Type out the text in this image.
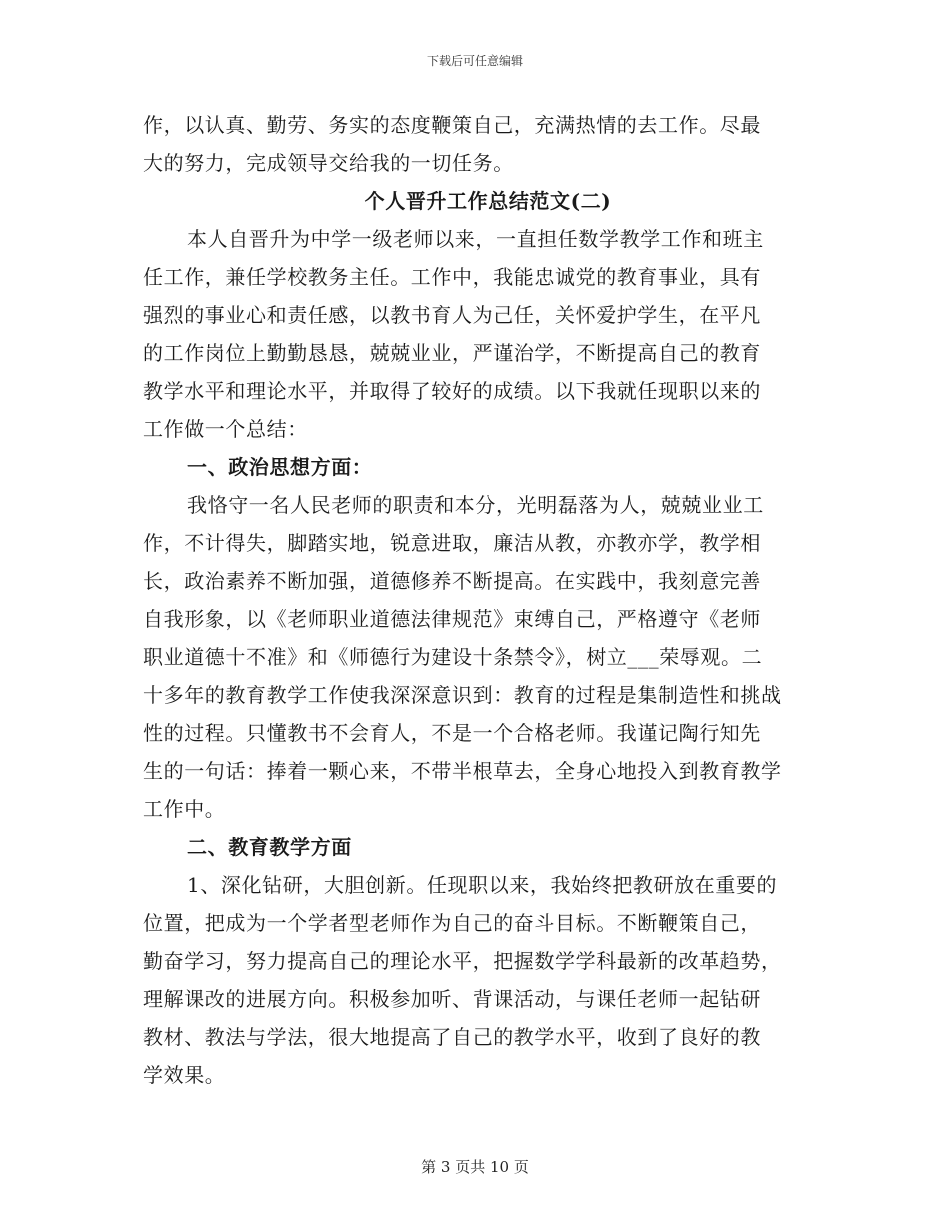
下载后可任意编辑
作，以认真、勤劳、务实的态度鞭策自己，充满热情的去工作。尽最
大的努力，完成领导交给我的一切任务。
个人晋升工作总结范文(二)
本人自晋升为中学一级老师以来，一直担任数学教学工作和班主
任工作，兼任学校教务主任。工作中，我能忠诚党的教育事业，具有
强烈的事业心和责任感，以教书育人为己任，关怀爱护学生，在平凡
的工作岗位上勤勤恳恳，兢兢业业，严谨治学，不断提高自己的教育
教学水平和理论水平，并取得了较好的成绩。以下我就任现职以来的
工作做一个总结：
一、政治思想方面：
我恪守一名人民老师的职责和本分，光明磊落为人，兢兢业业工
作，不计得失，脚踏实地，锐意进取，廉洁从教，亦教亦学，教学相
长，政治素养不断加强，道德修养不断提高。在实践中，我刻意完善
自我形象，以《老师职业道德法律规范》束缚自己，严格遵守《老师
职业道德十不准》和《师德行为建设十条禁令》，树立___荣辱观。二
十多年的教育教学工作使我深深意识到：教育的过程是集制造性和挑战
性的过程。只懂教书不会育人，不是一个合格老师。我谨记陶行知先
生的一句话：捧着一颗心来，不带半根草去，全身心地投入到教育教学
工作中。
二、教育教学方面
1、深化钻研，大胆创新。任现职以来，我始终把教研放在重要的
位置，把成为一个学者型老师作为自己的奋斗目标。不断鞭策自己，
勤奋学习，努力提高自己的理论水平，把握数学学科最新的改革趋势，
理解课改的进展方向。积极参加听、背课活动，与课任老师一起钻研
教材、教法与学法，很大地提高了自己的教学水平，收到了良好的教
学效果。
第 3 页共 10 页
